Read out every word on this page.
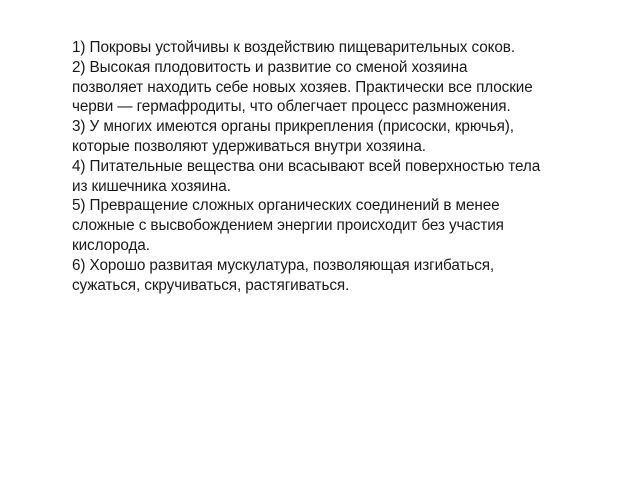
1) Покровы устойчивы к воздействию пищеварительных соков.

2) Высокая плодовитость и развитие со сменой хозяина позволяет находить себе новых хозяев. Практически все плоские черви — гермафродиты, что облегчает процесс размножения.

3) У многих имеются органы прикрепления (присоски, крючья), которые позволяют удерживаться внутри хозяина.

4) Питательные вещества они всасывают всей поверхностью тела из кишечника хозяина.

5) Превращение сложных органических соединений в менее сложные с высвобождением энергии происходит без участия кислорода.

6) Хорошо развитая мускулатура, позволяющая изгибаться, сужаться, скручиваться, растягиваться.
